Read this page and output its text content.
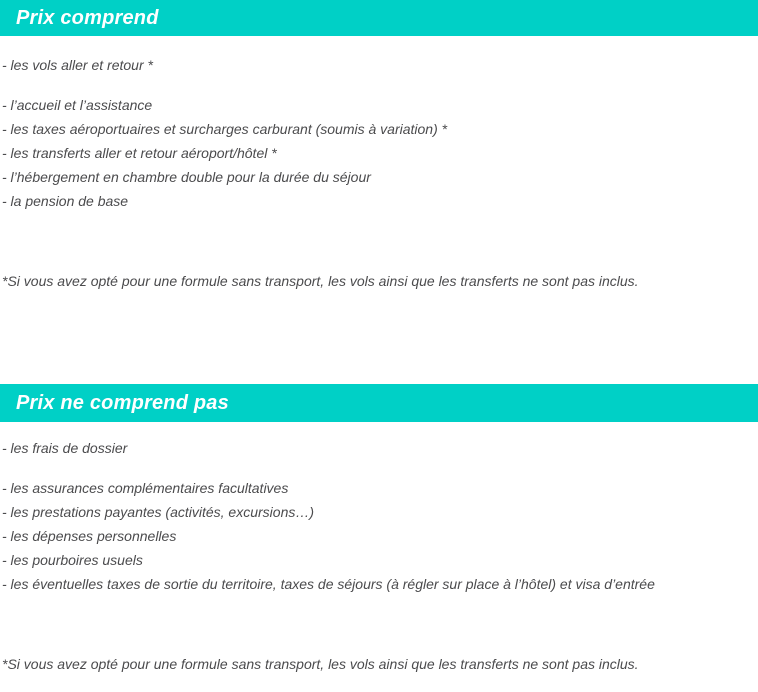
Prix comprend

- les vols aller et retour *

- l’accueil et l’assistance
- les taxes aéroportuaires et surcharges carburant (soumis à variation) *
- les transferts aller et retour aéroport/hôtel *
- l’hébergement en chambre double pour la durée du séjour
- la pension de base

*Si vous avez opté pour une formule sans transport, les vols ainsi que les transferts ne sont pas inclus.

Prix ne comprend pas

- les frais de dossier

- les assurances complémentaires facultatives
- les prestations payantes (activités, excursions…)
- les dépenses personnelles
- les pourboires usuels
- les éventuelles taxes de sortie du territoire, taxes de séjours (à régler sur place à l’hôtel) et visa d’entrée

*Si vous avez opté pour une formule sans transport, les vols ainsi que les transferts ne sont pas inclus.
